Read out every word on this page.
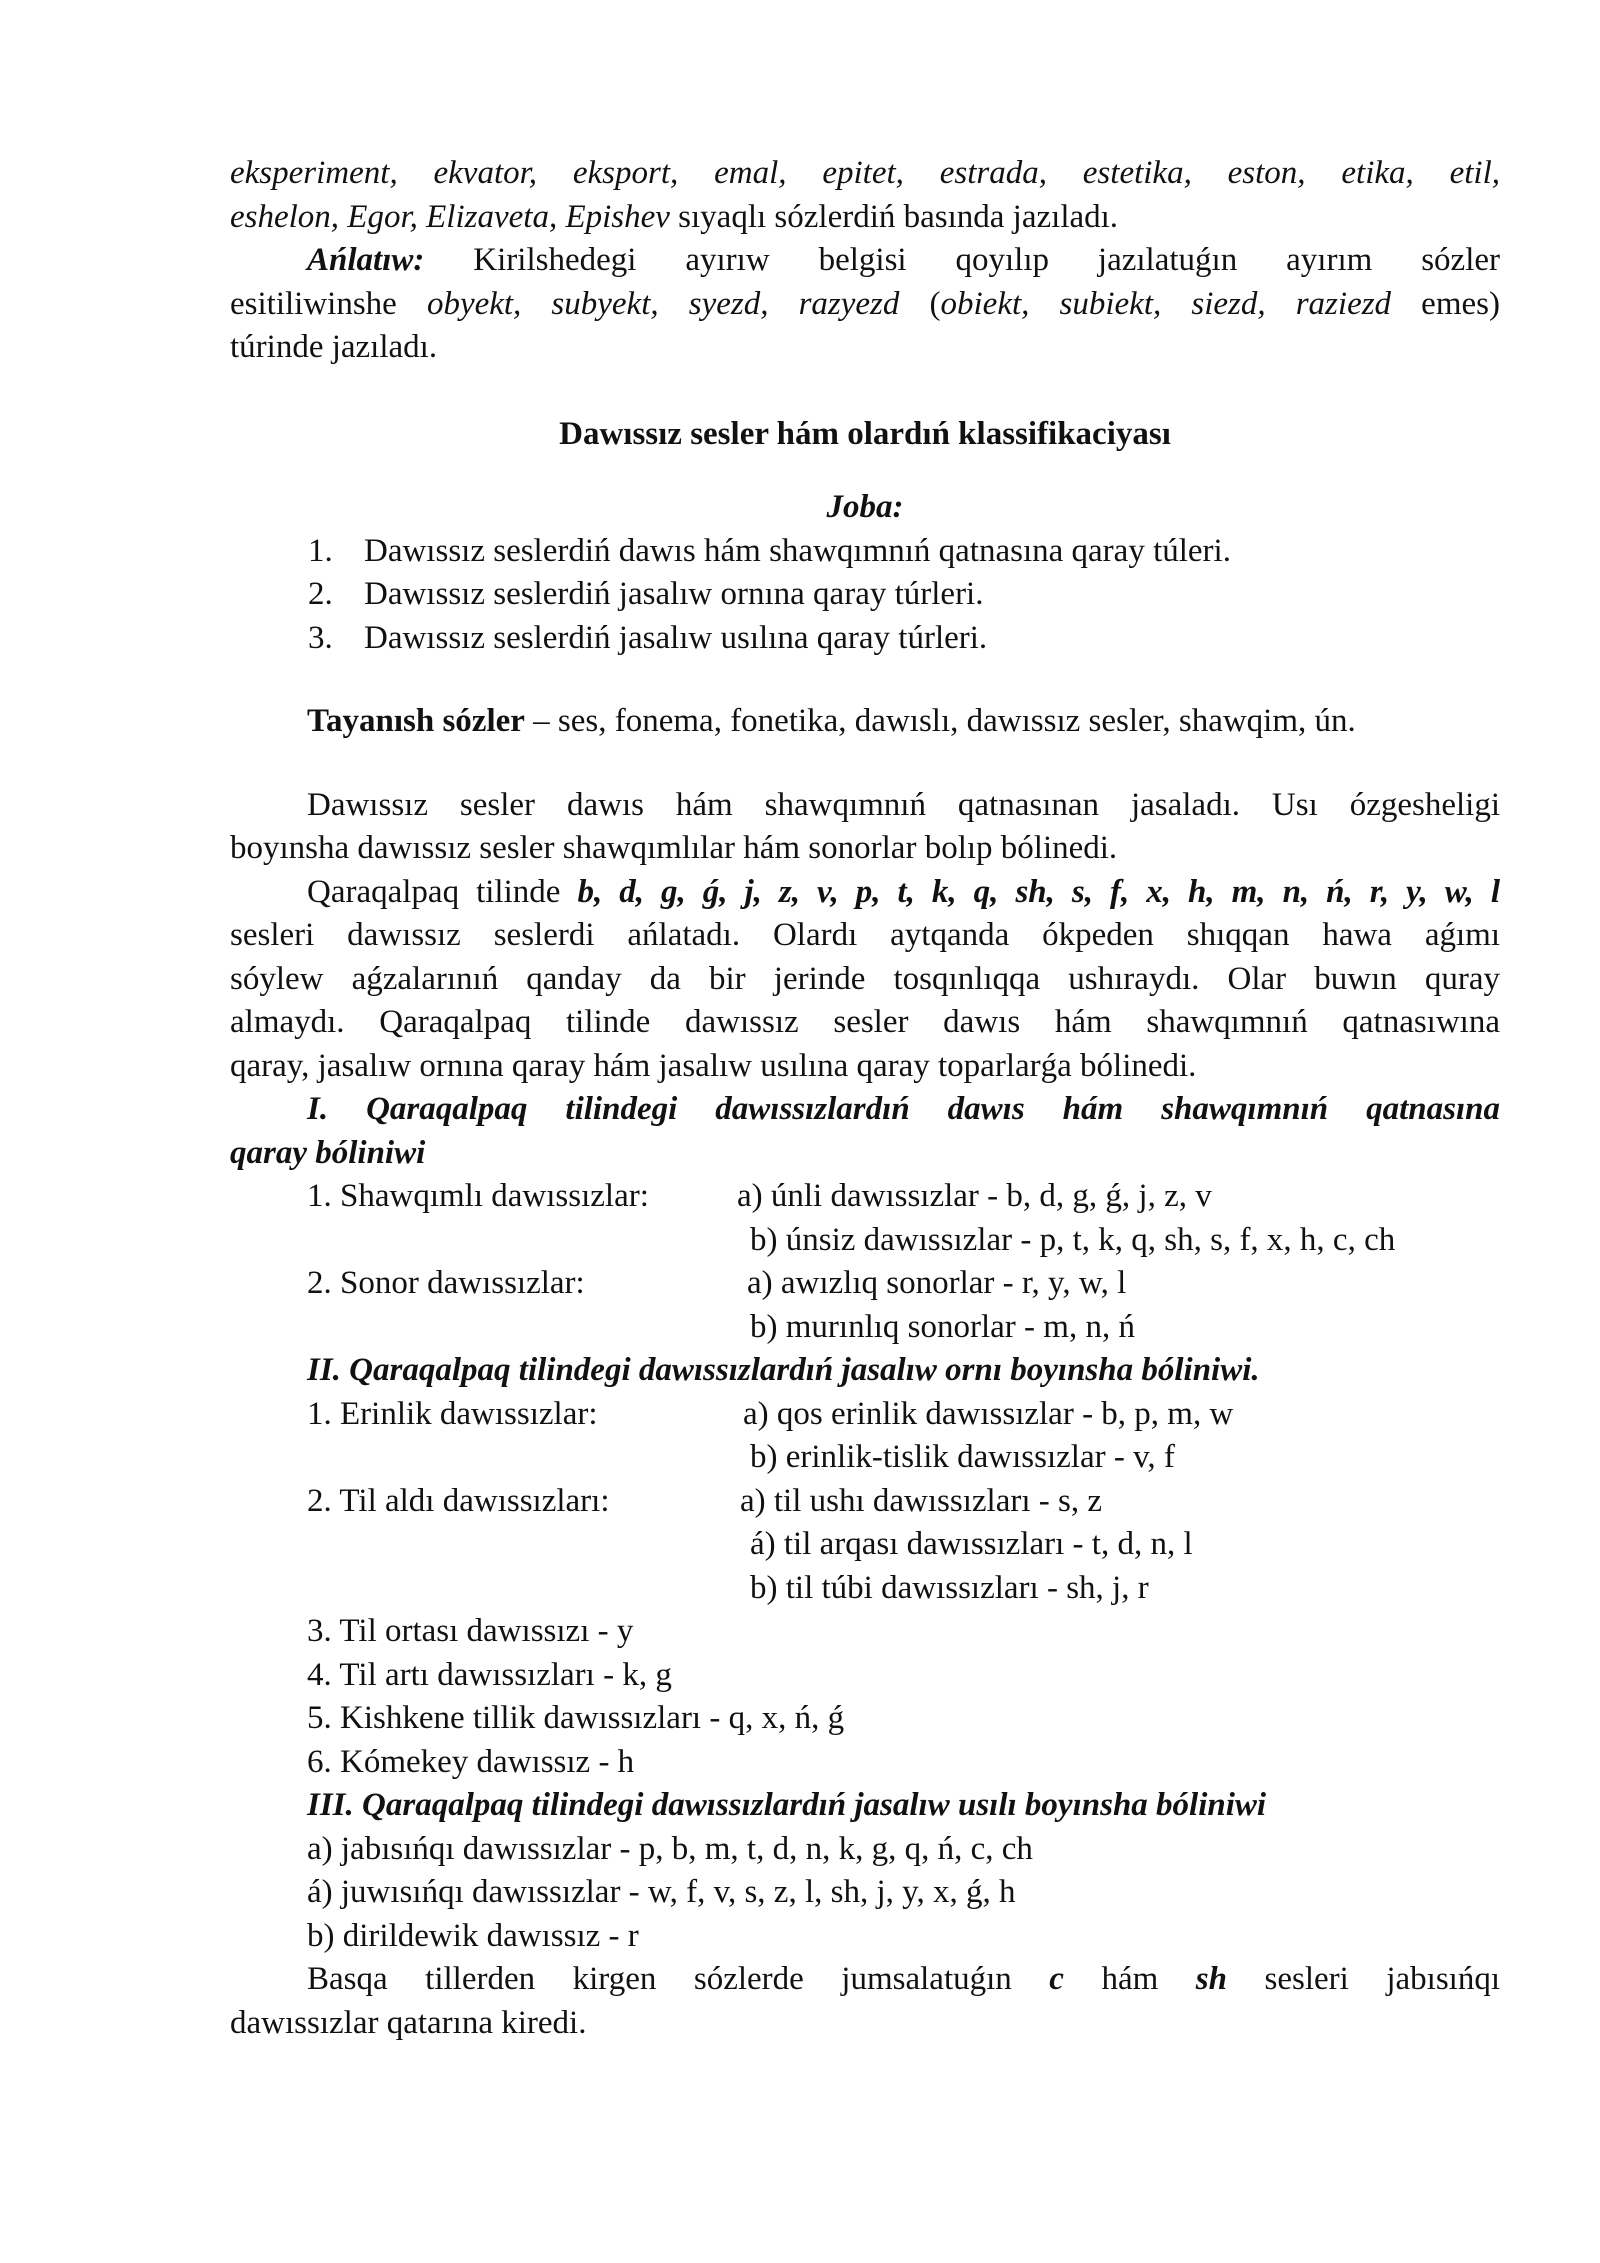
eksperiment, ekvator, eksport, emal, epitet, estrada, estetika, eston, etika, etil,
eshelon, Egor, Elizaveta, Epishev sıyaqlı sózlerdiń basında jazıladı.
Ańlatıw: Kirilshedegi ayırıw belgisi qoyılıp jazılatuǵın ayırım sózler
esitiliwinshe obyekt, subyekt, syezd, razyezd (obiekt, subiekt, siezd, raziezd emes)
túrinde jazıladı.
Dawıssız sesler hám olardıń klassifikaciyası
Joba:
1. Dawıssız seslerdiń dawıs hám shawqımnıń qatnasına qaray túleri.
2. Dawıssız seslerdiń jasalıw ornına qaray túrleri.
3. Dawıssız seslerdiń jasalıw usılına qaray túrleri.
Tayanısh sózler – ses, fonema, fonetika, dawıslı, dawıssız sesler, shawqim, ún.
Dawıssız sesler dawıs hám shawqımnıń qatnasınan jasaladı. Usı ózgesheligi
boyınsha dawıssız sesler shawqımlılar hám sonorlar bolıp bólinedi.
Qaraqalpaq tilinde b, d, g, ǵ, j, z, v, p, t, k, q, sh, s, f, x, h, m, n, ń, r, y, w, l
sesleri dawıssız seslerdi ańlatadı. Olardı aytqanda ókpeden shıqqan hawa aǵımı
sóylew aǵzalarınıń qanday da bir jerinde tosqınlıqqa ushıraydı. Olar buwın quray
almaydı. Qaraqalpaq tilinde dawıssız sesler dawıs hám shawqımnıń qatnasıwına
qaray, jasalıw ornına qaray hám jasalıw usılına qaray toparlarǵa bólinedi.
I. Qaraqalpaq tilindegi dawıssızlardıń dawıs hám shawqımnıń qatnasına
qaray bóliniwi
1. Shawqımlı dawıssızlar:	a) únli dawıssızlar - b, d, g, ǵ, j, z, v
b) únsiz dawıssızlar - p, t, k, q, sh, s, f, x, h, c, ch
2. Sonor dawıssızlar:	a) awızlıq sonorlar - r, y, w, l
b) murınlıq sonorlar - m, n, ń
II. Qaraqalpaq tilindegi dawıssızlardıń jasalıw ornı boyınsha bóliniwi.
1. Erinlik dawıssızlar:	a) qos erinlik dawıssızlar - b, p, m, w
b) erinlik-tislik dawıssızlar - v, f
2. Til aldı dawıssızları:	a) til ushı dawıssızları - s, z
á) til arqası dawıssızları - t, d, n, l
b) til túbi dawıssızları - sh, j, r
3. Til ortası dawıssızı - y
4. Til artı dawıssızları - k, g
5. Kishkene tillik dawıssızları - q, x, ń, ǵ
6. Kómekey dawıssız - h
III. Qaraqalpaq tilindegi dawıssızlardıń jasalıw usılı boyınsha bóliniwi
a) jabısıńqı dawıssızlar - p, b, m, t, d, n, k, g, q, ń, c, ch
á) juwısıńqı dawıssızlar - w, f, v, s, z, l, sh, j, y, x, ǵ, h
b) dirildewik dawıssız - r
Basqa tillerden kirgen sózlerde jumsalatuǵın c hám sh sesleri jabısıńqı
dawıssızlar qatarına kiredi.
